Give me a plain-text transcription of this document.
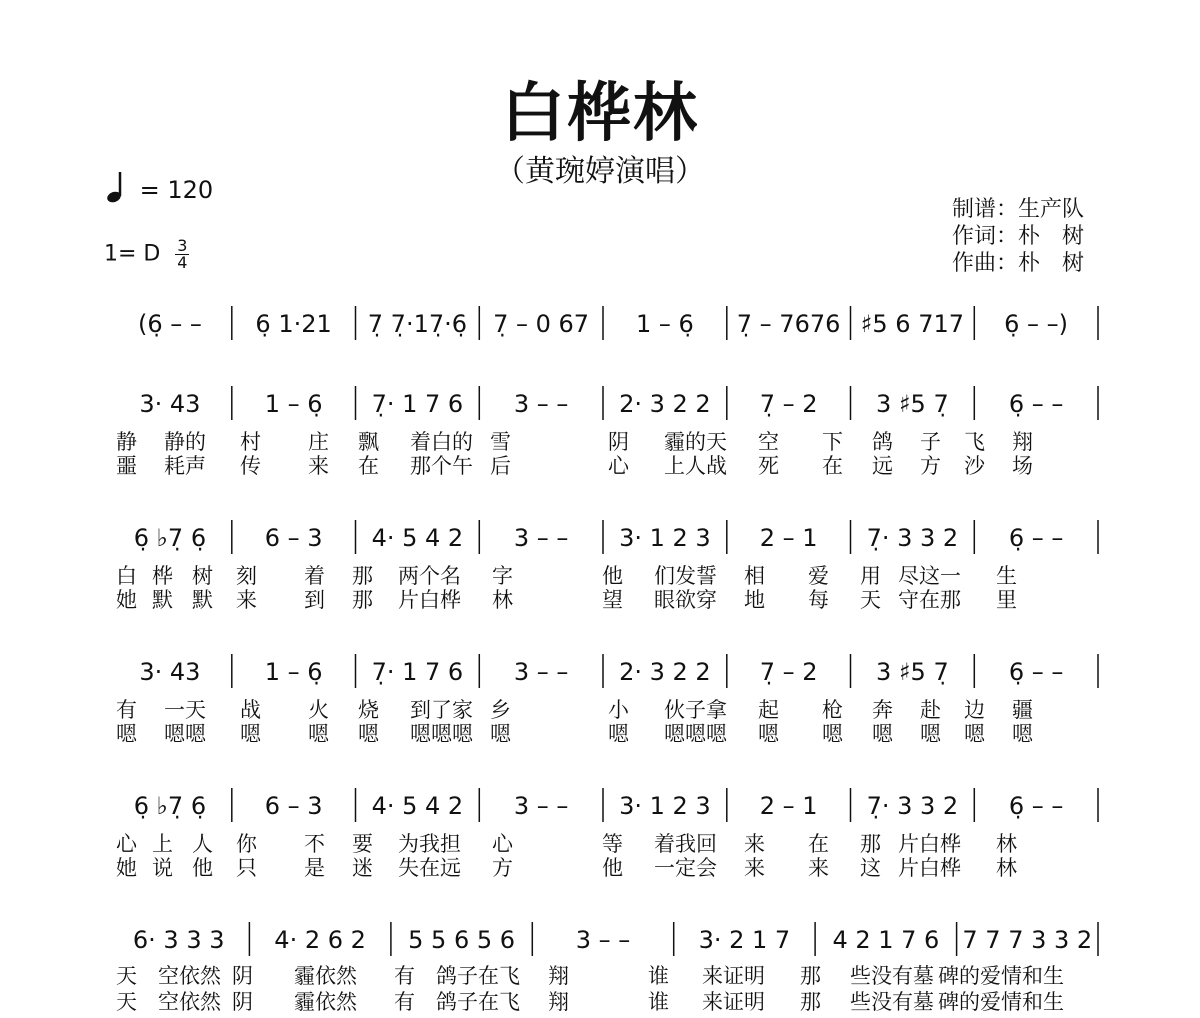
白桦林
（黄琬婷演唱）
= 120
1= D $\frac{3}{4}$
制谱：生产队
作词：朴　树
作曲：朴　树
(6̣ – – 6̣ 1·21 7̣ 7̣·17̣·6̣ 7̣ – 0 67 1 – 6̣ 7̣ – 7676 ♯5 6 717 6̣ – –)
3· 43	1 – 6̣ 7̣· 1 7 6 3 – – 2· 3 2 2 7̣ – 2 3 ♯5 7̣	6̣ – –
静 静的 村 庄 飘 着白的 雪	阴 霾的天 空 下 鸽 子 飞 翔
噩 耗声 传 来 在 那个午 后	心 上人战 死 在 远 方 沙 场
6̣ ♭7̣ 6̣ 6 – 3 4· 5 4 2 3 – – 3· 1 2 3 2 – 1 7̣· 3 3 2 6̣ – –
白 桦 树 刻 着 那 两个名 字	他 们发誓 相 爱 用 尽这一 生
她 默 默 来 到 那 片白桦 林	望 眼欲穿 地 每 天 守在那 里
3· 43	1 – 6̣ 7̣· 1 7 6 3 – – 2· 3 2 2 7̣ – 2 3 ♯5 7̣	6̣ – –
有 一天 战 火 烧 到了家 乡	小 伙子拿 起 枪 奔 赴 边 疆
嗯 嗯嗯 嗯 嗯 嗯 嗯嗯嗯 嗯	嗯 嗯嗯嗯 嗯 嗯 嗯 嗯 嗯 嗯
6̣ ♭7̣ 6̣ 6 – 3 4· 5 4 2 3 – – 3· 1 2 3 2 – 1 7̣· 3 3 2 6̣ – –
心 上 人 你 不 要 为我担 心	等 着我回 来 在 那 片白桦 林
她 说 他 只 是 迷 失在远 方	他 一定会 来 来 这 片白桦 林
6· 3 3 3 4· 2 6 2 5 5 6 5 6	3 – –	3· 2 1 7 4 2 1 7 6 7 7 7 3 3 2
天 空依然 阴 霾依然 有 鸽子在飞 翔	谁 来证明 那 些没有墓 碑的爱情和生
天 空依然 阴 霾依然 有 鸽子在飞 翔	谁 来证明 那 些没有墓 碑的爱情和生
